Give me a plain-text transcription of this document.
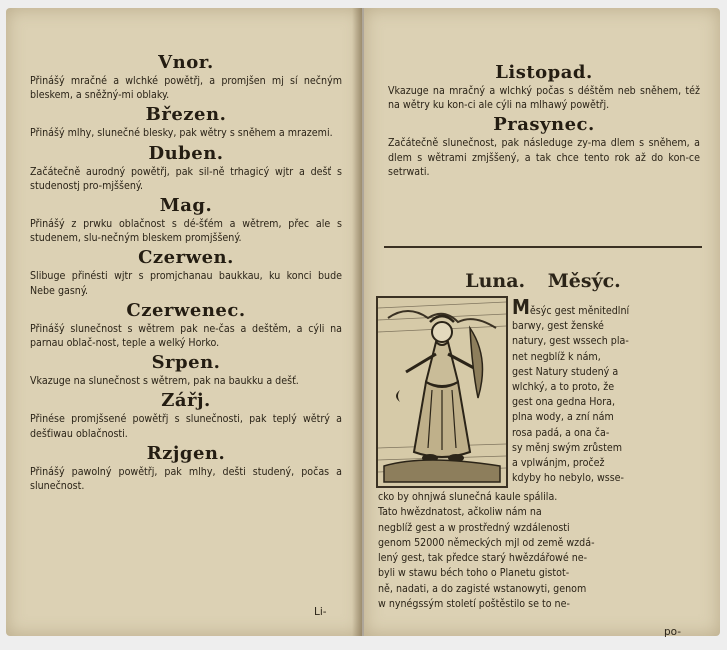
Vnor.

Přinášý mračné a wlchké powětřj, a promjšen mj sí nečným bleskem, a sněžný-mi oblaky.

Březen.

Přinášý mlhy, slunečné blesky, pak wětry s sněhem a mrazemi.

Duben.

Začátečně aurodný powětřj, pak sil-ně trhagicý wjtr a dešť s studenostj pro-mjššený.

Mag.

Přinášý z prwku oblačnost s dé-šťém a wětrem, přec ale s studenem, slu-nečným bleskem promjššený.

Czerwen.

Slibuge přinésti wjtr s promjchanau baukkau, ku konci bude Nebe gasný.

Czerwenec.

Přinášý slunečnost s wětrem pak ne-čas a deštěm, a cýli na parnau oblač-nost, teple a welký Horko.

Srpen.

Vkazuge na slunečnost s wětrem, pak na baukku a dešť.

Zářj.

Přinése promjšsené powětřj s slunečnosti, pak teplý wětrý a dešťiwau oblačnosti.

Rzjgen.

Přinášý pawolný powětřj, pak mlhy, dešti studený, počas a slunečnost.

Li-
Listopad.

Vkazuge na mračný a wlchký počas s déštěm neb sněhem, též na wětry ku kon-ci ale cýli na mlhawý powětřj.

Prasynec.

Začátečně slunečnost, pak následuge zy-ma dlem s sněhem, a dlem s wětrami zmjššený, a tak chce tento rok až do kon-ce setrwati.

Luna. Měsýc.
Měsýc gest měnitedlní
barwy, gest ženské
natury, gest wssech pla-
net negblíž k nám,
gest Natury studený a
wlchký, a to proto, že
gest ona gedna Hora,
plna wody, a zní nám
rosa padá, a ona ča-
sy měnj swým zrůstem
a vplwánjm, pročež
kdyby ho nebylo, wsse-
cko by ohnjwá slunečná kaule spálila.
Tato hwězdnatost, ačkoliw nám na
negblíž gest a w prostředný wzdálenosti
genom 52000 německých mjl od země wzdá-
lený gest, tak předce starý hwězdářowé ne-
byli w stawu béch toho o Planetu gistot-
ně, nadati, a do zagisté wstanowyti, genom
w nynégssým století poštěstilo se to ne-
po-
